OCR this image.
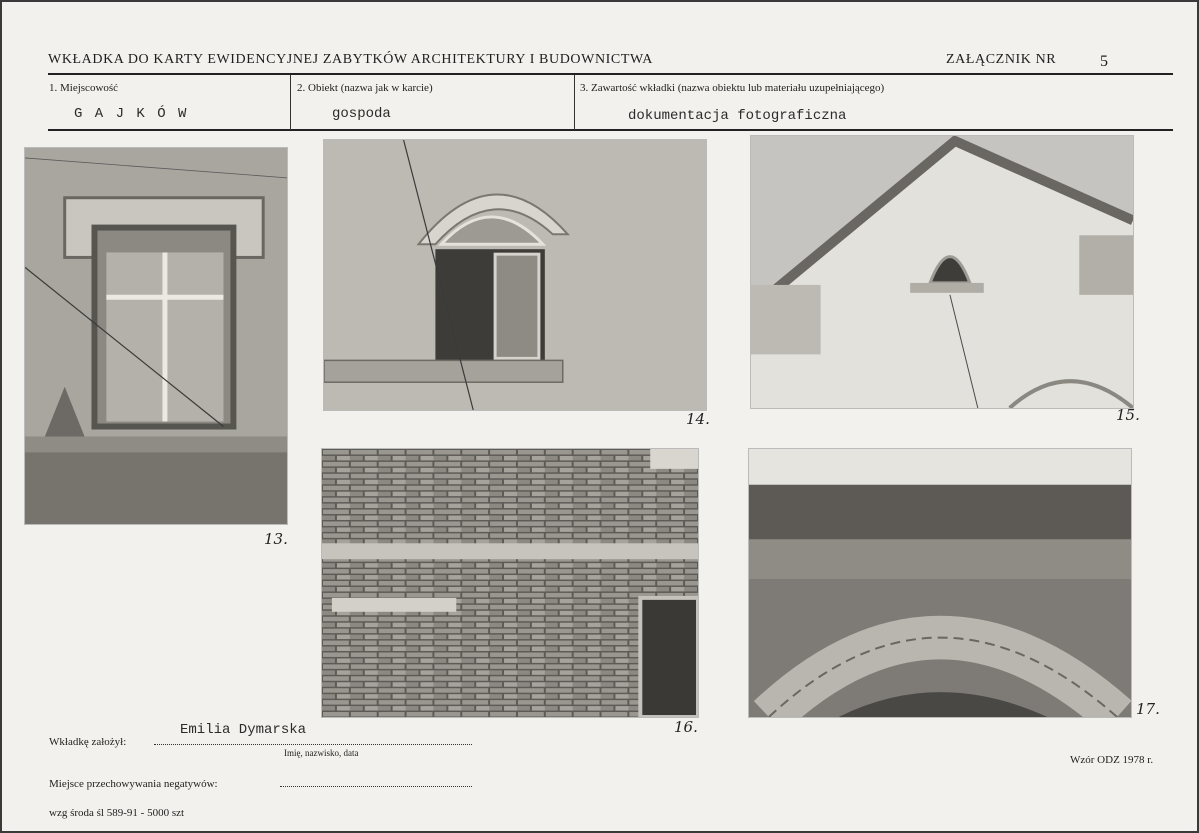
WKŁADKA DO KARTY EWIDENCYJNEJ ZABYTKÓW ARCHITEKTURY I BUDOWNICTWA	ZAŁĄCZNIK NR	5
1. Miejscowość
G A J K Ó W
2. Obiekt (nazwa jak w karcie)
gospoda
3. Zawartość wkładki (nazwa obiektu lub materiału uzupełniającego)
dokumentacja fotograficzna
13.
14.	15.
16.
17.
Wkładkę założył:
Emilia Dymarska
Imię, nazwisko, data
Miejsce przechowywania negatywów:
wzg środa śl 589-91 - 5000 szt
Wzór ODZ 1978 r.
